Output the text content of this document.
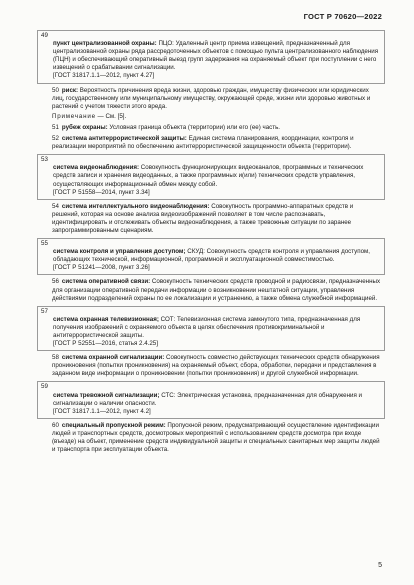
ГОСТ Р 70620—2022
49
пункт централизованной охраны: ПЦО: Удаленный центр приема извещений, предназначенный для централизованной охраны ряда рассредоточенных объектов с помощью пульта централизованного наблюдения (ПЦН) и обеспечивающий оперативный выезд групп задержания на охраняемый объект при поступлении с него извещений о срабатывании сигнализации.
[ГОСТ 31817.1.1—2012, пункт 4.27]
50 риск: Вероятность причинения вреда жизни, здоровью граждан, имуществу физических или юридических лиц, государственному или муниципальному имуществу, окружающей среде, жизни или здоровью животных и растений с учетом тяжести этого вреда.
Примечание — См. [5].
51 рубеж охраны: Условная граница объекта (территории) или его (ее) часть.
52 система антитеррористической защиты: Единая система планирования, координации, контроля и реализации мероприятий по обеспечению антитеррористической защищенности объекта (территории).
53
система видеонаблюдения: Совокупность функционирующих видеоканалов, программных и технических средств записи и хранения видеоданных, а также программных и(или) технических средств управления, осуществляющих информационный обмен между собой.
[ГОСТ Р 51558—2014, пункт 3.34]
54 система интеллектуального видеонаблюдения: Совокупность программно-аппаратных средств и решений, которая на основе анализа видеоизображений позволяет в том числе распознавать, идентифицировать и отслеживать объекты видеонаблюдения, а также тревожные ситуации по заранее запрограммированным сценариям.
55
система контроля и управления доступом; СКУД: Совокупность средств контроля и управления доступом, обладающих технической, информационной, программной и эксплуатационной совместимостью.
[ГОСТ Р 51241—2008, пункт 3.26]
56 система оперативной связи: Совокупность технических средств проводной и радиосвязи, предназначенных для организации оперативной передачи информации о возникновении нештатной ситуации, управления действиями подразделений охраны по ее локализации и устранению, а также обмена служебной информацией.
57
система охранная телевизионная; СОТ: Телевизионная система замкнутого типа, предназначенная для получения изображений с охраняемого объекта в целях обеспечения противокриминальной и антитеррористической защиты.
[ГОСТ Р 52551—2016, статья 2.4.25]
58 система охранной сигнализации: Совокупность совместно действующих технических средств обнаружения проникновения (попытки проникновения) на охраняемый объект, сбора, обработки, передачи и представления в заданном виде информации о проникновении (попытки проникновения) и другой служебной информации.
59
система тревожной сигнализации; СТС: Электрическая установка, предназначенная для обнаружения и сигнализации о наличии опасности.
[ГОСТ 31817.1.1—2012, пункт 4.2]
60 специальный пропускной режим: Пропускной режим, предусматривающий осуществление идентификации людей и транспортных средств, досмотровых мероприятий с использованием средств досмотра при входе (въезде) на объект, применение средств индивидуальной защиты и специальных санитарных мер защиты людей и транспорта при эксплуатации объекта.
5
